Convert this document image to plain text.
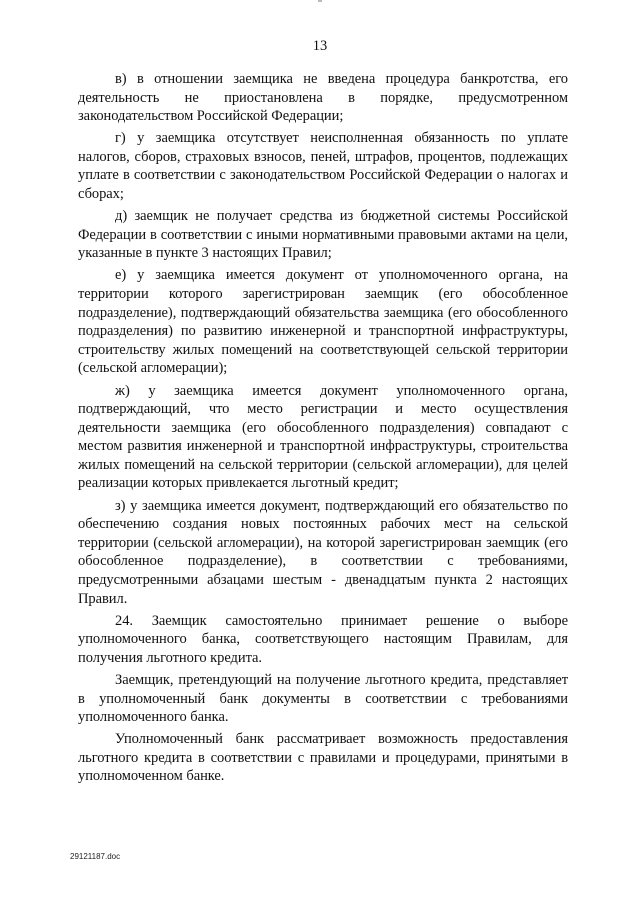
13

в) в отношении заемщика не введена процедура банкротства, его деятельность не приостановлена в порядке, предусмотренном законодательством Российской Федерации;

г) у заемщика отсутствует неисполненная обязанность по уплате налогов, сборов, страховых взносов, пеней, штрафов, процентов, подлежащих уплате в соответствии с законодательством Российской Федерации о налогах и сборах;

д) заемщик не получает средства из бюджетной системы Российской Федерации в соответствии с иными нормативными правовыми актами на цели, указанные в пункте 3 настоящих Правил;

е) у заемщика имеется документ от уполномоченного органа, на территории которого зарегистрирован заемщик (его обособленное подразделение), подтверждающий обязательства заемщика (его обособленного подразделения) по развитию инженерной и транспортной инфраструктуры, строительству жилых помещений на соответствующей сельской территории (сельской агломерации);

ж) у заемщика имеется документ уполномоченного органа, подтверждающий, что место регистрации и место осуществления деятельности заемщика (его обособленного подразделения) совпадают с местом развития инженерной и транспортной инфраструктуры, строительства жилых помещений на сельской территории (сельской агломерации), для целей реализации которых привлекается льготный кредит;

з) у заемщика имеется документ, подтверждающий его обязательство по обеспечению создания новых постоянных рабочих мест на сельской территории (сельской агломерации), на которой зарегистрирован заемщик (его обособленное подразделение), в соответствии с требованиями, предусмотренными абзацами шестым - двенадцатым пункта 2 настоящих Правил.

24. Заемщик самостоятельно принимает решение о выборе уполномоченного банка, соответствующего настоящим Правилам, для получения льготного кредита.

Заемщик, претендующий на получение льготного кредита, представляет в уполномоченный банк документы в соответствии с требованиями уполномоченного банка.

Уполномоченный банк рассматривает возможность предоставления льготного кредита в соответствии с правилами и процедурами, принятыми в уполномоченном банке.

29121187.doc
